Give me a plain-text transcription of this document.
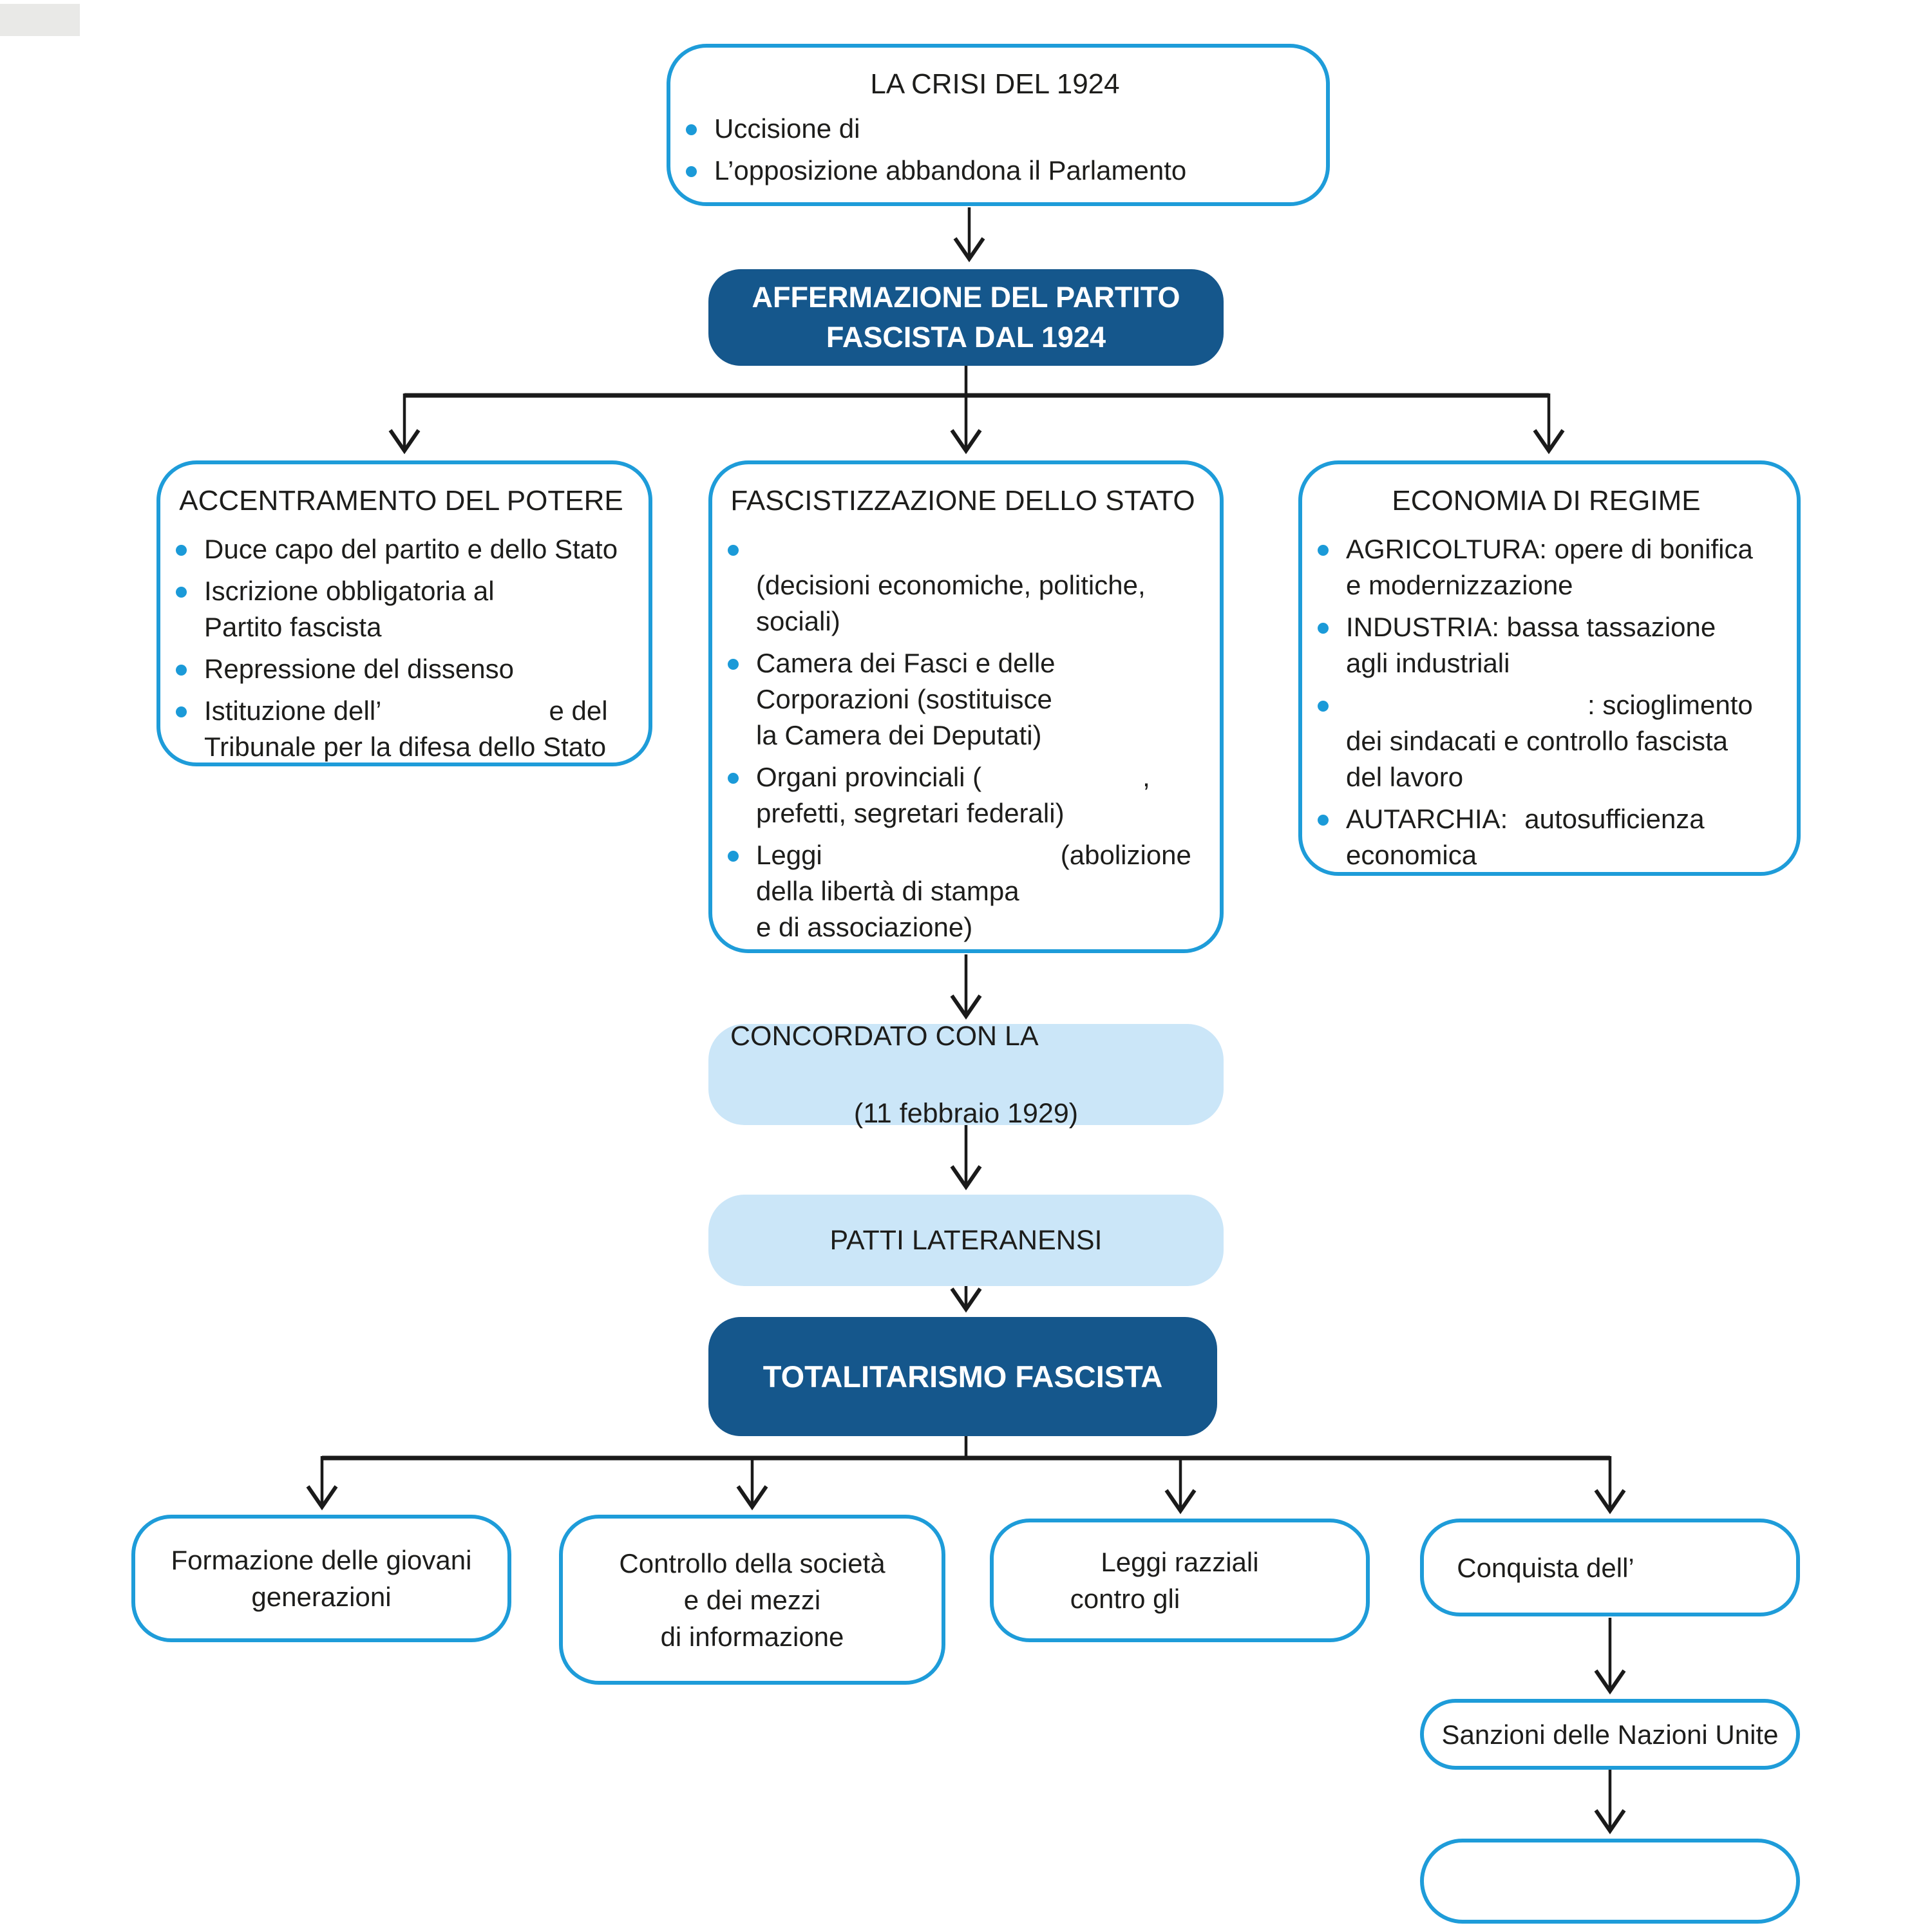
LA CRISI DEL 1924
Uccisione di
L’opposizione abbandona il Parlamento
AFFERMAZIONE DEL PARTITO
FASCISTA DAL 1924
ACCENTRAMENTO DEL POTERE
Duce capo del partito e dello Stato
Iscrizione obbligatoria al
Partito fascista
Repressione del dissenso
Istituzione dell’	e del
Tribunale per la difesa dello Stato
FASCISTIZZAZIONE DELLO STATO

(decisioni economiche, politiche,
sociali)
Camera dei Fasci e delle
Corporazioni (sostituisce
la Camera dei Deputati)
Organi provinciali (	,
prefetti, segretari federali)
Leggi	(abolizione
della libertà di stampa
e di associazione)
ECONOMIA DI REGIME
AGRICOLTURA: opere di bonifica
e modernizzazione
INDUSTRIA: bassa tassazione
agli industriali
: scioglimento
dei sindacati e controllo fascista
del lavoro
AUTARCHIA: autosufficienza
economica
CONCORDATO CON LA
(11 febbraio 1929)
PATTI LATERANENSI
TOTALITARISMO FASCISTA
Formazione delle giovani
generazioni
Controllo della società
e dei mezzi
di informazione
Leggi razziali
contro gli
Conquista dell’
Sanzioni delle Nazioni Unite
